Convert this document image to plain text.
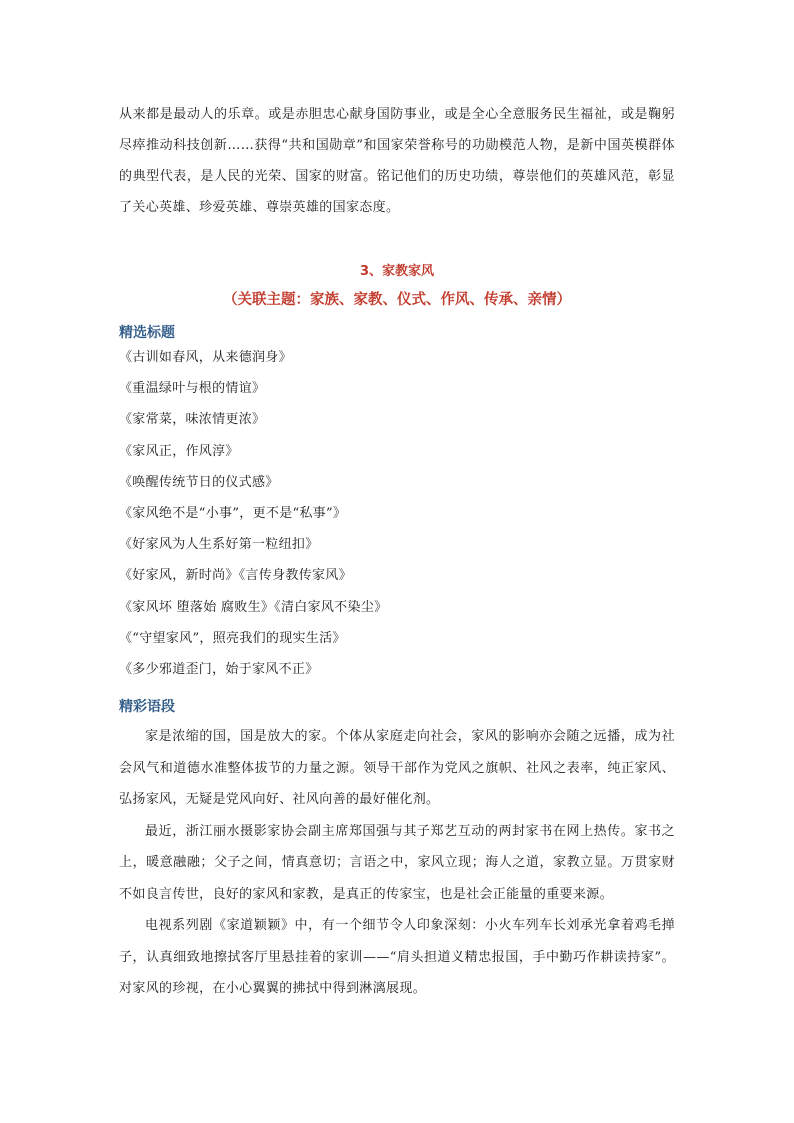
从来都是最动人的乐章。或是赤胆忠心献身国防事业，或是全心全意服务民生福祉，或是鞠躬尽瘁推动科技创新……获得“共和国勋章”和国家荣誉称号的功勋模范人物，是新中国英模群体的典型代表，是人民的光荣、国家的财富。铭记他们的历史功绩，尊崇他们的英雄风范，彰显了关心英雄、珍爱英雄、尊崇英雄的国家态度。

3、家教家风
（关联主题：家族、家教、仪式、作风、传承、亲情）
精选标题
《古训如春风，从来德润身》
《重温绿叶与根的情谊》
《家常菜，味浓情更浓》
《家风正，作风淳》
《唤醒传统节日的仪式感》
《家风绝不是“小事”，更不是“私事”》
《好家风为人生系好第一粒纽扣》
《好家风，新时尚》《言传身教传家风》
《家风坏 堕落始 腐败生》《清白家风不染尘》
《“守望家风”，照亮我们的现实生活》
《多少邪道歪门，始于家风不正》
精彩语段

家是浓缩的国，国是放大的家。个体从家庭走向社会，家风的影响亦会随之远播，成为社会风气和道德水准整体拔节的力量之源。领导干部作为党风之旗帜、社风之表率，纯正家风、弘扬家风，无疑是党风向好、社风向善的最好催化剂。

最近，浙江丽水摄影家协会副主席郑国强与其子郑艺互动的两封家书在网上热传。家书之上，暖意融融；父子之间，情真意切；言语之中，家风立现；海人之道，家教立显。万贯家财不如良言传世，良好的家风和家教，是真正的传家宝，也是社会正能量的重要来源。

电视系列剧《家道颖颖》中，有一个细节令人印象深刻：小火车列车长刘承光拿着鸡毛掸子，认真细致地擦拭客厅里悬挂着的家训——“肩头担道义精忠报国，手中勤巧作耕读持家”。对家风的珍视，在小心翼翼的拂拭中得到淋漓展现。
